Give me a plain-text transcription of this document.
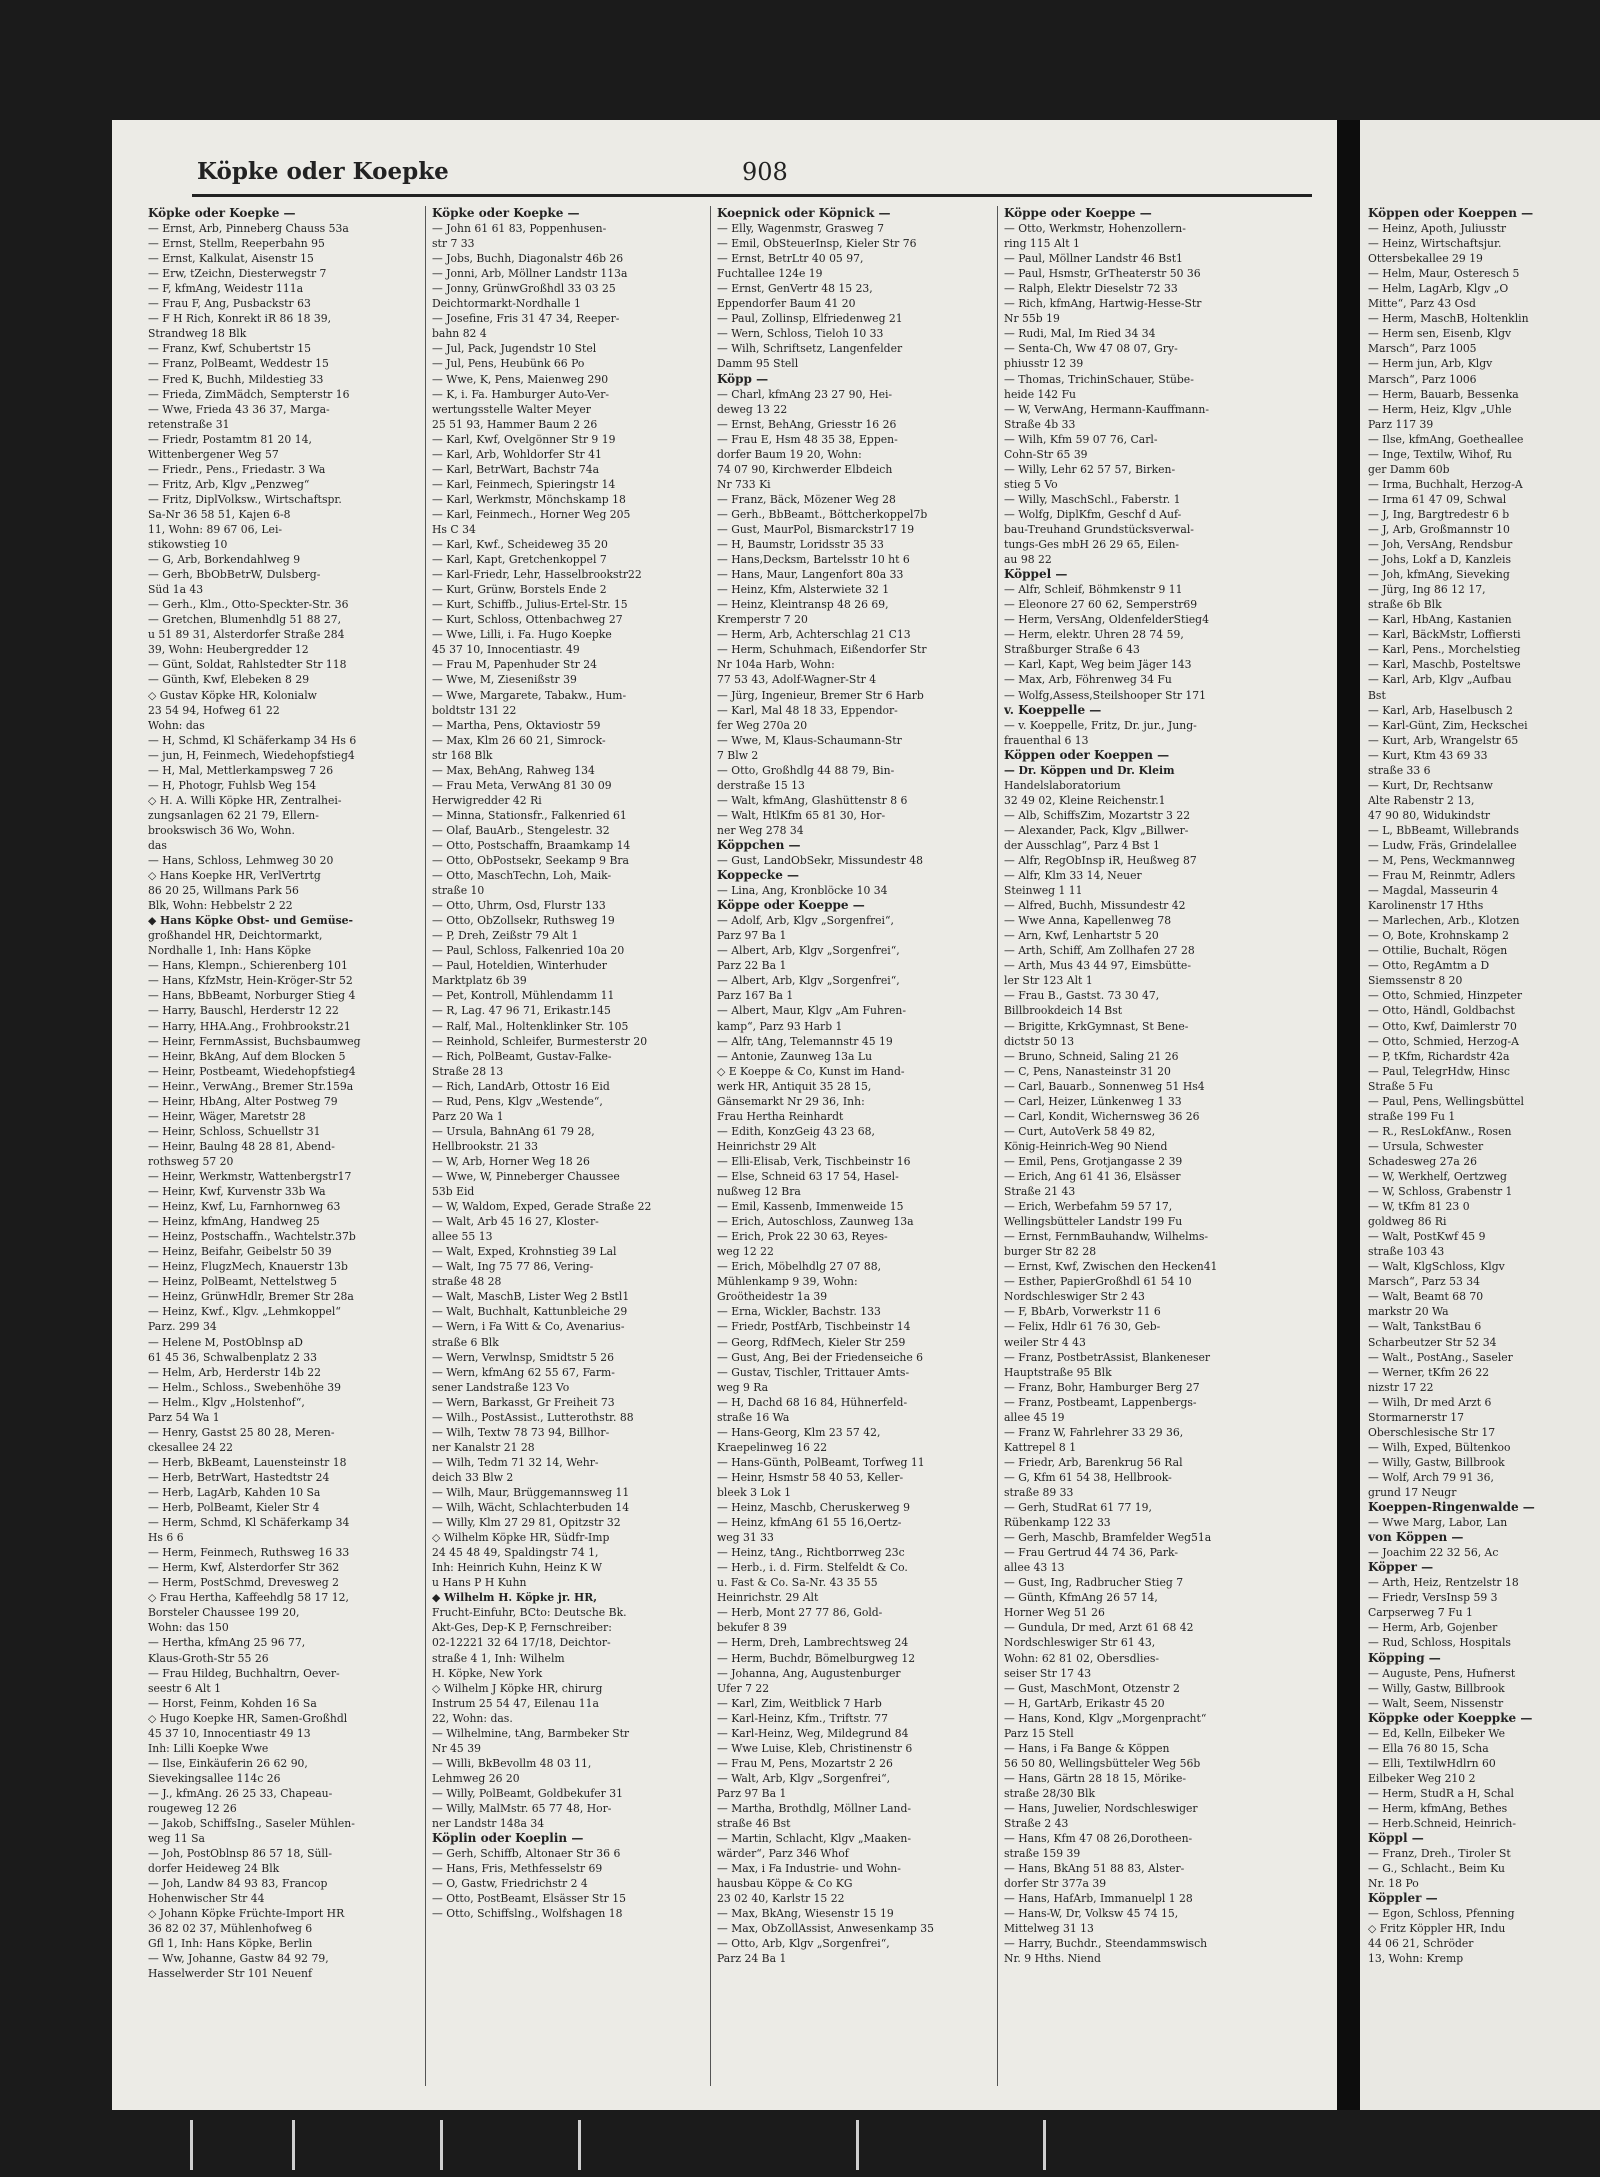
Köpke oder Koepke	908
Köpke oder Koepke —
— Ernst, Arb, Pinneberg Chauss 53a
— Ernst, Stellm, Reeperbahn 95
— Ernst, Kalkulat, Aisenstr 15
— Erw, tZeichn, Diesterwegstr 7
— F, kfmAng, Weidestr 111a
— Frau F, Ang, Pusbackstr 63
— F H Rich, Konrekt iR 86 18 39,
Strandweg 18 Blk
— Franz, Kwf, Schubertstr 15
— Franz, PolBeamt, Weddestr 15
— Fred K, Buchh, Mildestieg 33
— Frieda, ZimMädch, Sempterstr 16
— Wwe, Frieda 43 36 37, Marga-
retenstraße 31
— Friedr, Postamtm 81 20 14,
Wittenbergener Weg 57
— Friedr., Pens., Friedastr. 3 Wa
— Fritz, Arb, Klgv „Penzweg“
— Fritz, DiplVolksw., Wirtschaftspr.
Sa-Nr 36 58 51, Kajen 6-8
11, Wohn: 89 67 06, Lei-
stikowstieg 10
— G, Arb, Borkendahlweg 9
— Gerh, BbObBetrW, Dulsberg-
Süd 1a 43
— Gerh., Klm., Otto-Speckter-Str. 36
— Gretchen, Blumenhdlg 51 88 27,
u 51 89 31, Alsterdorfer Straße 284
39, Wohn: Heubergredder 12
— Günt, Soldat, Rahlstedter Str 118
— Günth, Kwf, Elebeken 8 29
◇ Gustav Köpke HR, Kolonialw
23 54 94, Hofweg 61 22
Wohn: das
— H, Schmd, Kl Schäferkamp 34 Hs 6
— jun, H, Feinmech, Wiedehopfstieg4
— H, Mal, Mettlerkampsweg 7 26
— H, Photogr, Fuhlsb Weg 154
◇ H. A. Willi Köpke HR, Zentralhei-
zungsanlagen 62 21 79, Ellern-
brookswisch 36 Wo, Wohn.
das
— Hans, Schloss, Lehmweg 30 20
◇ Hans Koepke HR, VerlVertrtg
86 20 25, Willmans Park 56
Blk, Wohn: Hebbelstr 2 22
◆ Hans Köpke Obst- und Gemüse-
großhandel HR, Deichtormarkt,
Nordhalle 1, Inh: Hans Köpke
— Hans, Klempn., Schierenberg 101
— Hans, KfzMstr, Hein-Kröger-Str 52
— Hans, BbBeamt, Norburger Stieg 4
— Harry, Bauschl, Herderstr 12 22
— Harry, HHA.Ang., Frohbrookstr.21
— Heinr, FernmAssist, Buchsbaumweg
— Heinr, BkAng, Auf dem Blocken 5
— Heinr, Postbeamt, Wiedehopfstieg4
— Heinr., VerwAng., Bremer Str.159a
— Heinr, HbAng, Alter Postweg 79
— Heinr, Wäger, Maretstr 28
— Heinr, Schloss, Schuellstr 31
— Heinr, Baulng 48 28 81, Abend-
rothsweg 57 20
— Heinr, Werkmstr, Wattenbergstr17
— Heinr, Kwf, Kurvenstr 33b Wa
— Heinz, Kwf, Lu, Farnhornweg 63
— Heinz, kfmAng, Handweg 25
— Heinz, Postschaffn., Wachtelstr.37b
— Heinz, Beifahr, Geibelstr 50 39
— Heinz, FlugzMech, Knauerstr 13b
— Heinz, PolBeamt, Nettelstweg 5
— Heinz, GrünwHdlr, Bremer Str 28a
— Heinz, Kwf., Klgv. „Lehmkoppel“
Parz. 299 34
— Helene M, PostOblnsp aD
61 45 36, Schwalbenplatz 2 33
— Helm, Arb, Herderstr 14b 22
— Helm., Schloss., Swebenhöhe 39
— Helm., Klgv „Holstenhof“,
Parz 54 Wa 1
— Henry, Gastst 25 80 28, Meren-
ckesallee 24 22
— Herb, BkBeamt, Lauensteinstr 18
— Herb, BetrWart, Hastedtstr 24
— Herb, LagArb, Kahden 10 Sa
— Herb, PolBeamt, Kieler Str 4
— Herm, Schmd, Kl Schäferkamp 34
Hs 6 6
— Herm, Feinmech, Ruthsweg 16 33
— Herm, Kwf, Alsterdorfer Str 362
— Herm, PostSchmd, Drevesweg 2
◇ Frau Hertha, Kaffeehdlg 58 17 12,
Borsteler Chaussee 199 20,
Wohn: das 150
— Hertha, kfmAng 25 96 77,
Klaus-Groth-Str 55 26
— Frau Hildeg, Buchhaltrn, Oever-
seestr 6 Alt 1
— Horst, Feinm, Kohden 16 Sa
◇ Hugo Koepke HR, Samen-Großhdl
45 37 10, Innocentiastr 49 13
Inh: Lilli Koepke Wwe
— Ilse, Einkäuferin 26 62 90,
Sievekingsallee 114c 26
— J., kfmAng. 26 25 33, Chapeau-
rougeweg 12 26
— Jakob, SchiffsIng., Saseler Mühlen-
weg 11 Sa
— Joh, PostOblnsp 86 57 18, Süll-
dorfer Heideweg 24 Blk
— Joh, Landw 84 93 83, Francop
Hohenwischer Str 44
◇ Johann Köpke Früchte-Import HR
36 82 02 37, Mühlenhofweg 6
Gfl 1, Inh: Hans Köpke, Berlin
— Ww, Johanne, Gastw 84 92 79,
Hasselwerder Str 101 Neuenf
Köpke oder Koepke —
— John 61 61 83, Poppenhusen-
str 7 33
— Jobs, Buchh, Diagonalstr 46b 26
— Jonni, Arb, Möllner Landstr 113a
— Jonny, GrünwGroßhdl 33 03 25
Deichtormarkt-Nordhalle 1
— Josefine, Fris 31 47 34, Reeper-
bahn 82 4
— Jul, Pack, Jugendstr 10 Stel
— Jul, Pens, Heubünk 66 Po
— Wwe, K, Pens, Maienweg 290
— K, i. Fa. Hamburger Auto-Ver-
wertungsstelle Walter Meyer
25 51 93, Hammer Baum 2 26
— Karl, Kwf, Ovelgönner Str 9 19
— Karl, Arb, Wohldorfer Str 41
— Karl, BetrWart, Bachstr 74a
— Karl, Feinmech, Spieringstr 14
— Karl, Werkmstr, Mönchskamp 18
— Karl, Feinmech., Horner Weg 205
Hs C 34
— Karl, Kwf., Scheideweg 35 20
— Karl, Kapt, Gretchenkoppel 7
— Karl-Friedr, Lehr, Hasselbrookstr22
— Kurt, Grünw, Borstels Ende 2
— Kurt, Schiffb., Julius-Ertel-Str. 15
— Kurt, Schloss, Ottenbachweg 27
— Wwe, Lilli, i. Fa. Hugo Koepke
45 37 10, Innocentiastr. 49
— Frau M, Papenhuder Str 24
— Wwe, M, Ziesenißstr 39
— Wwe, Margarete, Tabakw., Hum-
boldtstr 131 22
— Martha, Pens, Oktaviostr 59
— Max, Klm 26 60 21, Simrock-
str 168 Blk
— Max, BehAng, Rahweg 134
— Frau Meta, VerwAng 81 30 09
Herwigredder 42 Ri
— Minna, Stationsfr., Falkenried 61
— Olaf, BauArb., Stengelestr. 32
— Otto, Postschaffn, Braamkamp 14
— Otto, ObPostsekr, Seekamp 9 Bra
— Otto, MaschTechn, Loh, Maik-
straße 10
— Otto, Uhrm, Osd, Flurstr 133
— Otto, ObZollsekr, Ruthsweg 19
— P, Dreh, Zeißstr 79 Alt 1
— Paul, Schloss, Falkenried 10a 20
— Paul, Hoteldien, Winterhuder
Marktplatz 6b 39
— Pet, Kontroll, Mühlendamm 11
— R, Lag. 47 96 71, Erikastr.145
— Ralf, Mal., Holtenklinker Str. 105
— Reinhold, Schleifer, Burmesterstr 20
— Rich, PolBeamt, Gustav-Falke-
Straße 28 13
— Rich, LandArb, Ottostr 16 Eid
— Rud, Pens, Klgv „Westende“,
Parz 20 Wa 1
— Ursula, BahnAng 61 79 28,
Hellbrookstr. 21 33
— W, Arb, Horner Weg 18 26
— Wwe, W, Pinneberger Chaussee
53b Eid
— W, Waldom, Exped, Gerade Straße 22
— Walt, Arb 45 16 27, Kloster-
allee 55 13
— Walt, Exped, Krohnstieg 39 Lal
— Walt, Ing 75 77 86, Vering-
straße 48 28
— Walt, MaschB, Lister Weg 2 Bstl1
— Walt, Buchhalt, Kattunbleiche 29
— Wern, i Fa Witt & Co, Avenarius-
straße 6 Blk
— Wern, Verwlnsp, Smidtstr 5 26
— Wern, kfmAng 62 55 67, Farm-
sener Landstraße 123 Vo
— Wern, Barkasst, Gr Freiheit 73
— Wilh., PostAssist., Lutterothstr. 88
— Wilh, Textw 78 73 94, Billhor-
ner Kanalstr 21 28
— Wilh, Tedm 71 32 14, Wehr-
deich 33 Blw 2
— Wilh, Maur, Brüggemannsweg 11
— Wilh, Wächt, Schlachterbuden 14
— Willy, Klm 27 29 81, Opitzstr 32
◇ Wilhelm Köpke HR, Südfr-Imp
24 45 48 49, Spaldingstr 74 1,
Inh: Heinrich Kuhn, Heinz K W
u Hans P H Kuhn
◆ Wilhelm H. Köpke jr. HR,
Frucht-Einfuhr, BCto: Deutsche Bk.
Akt-Ges, Dep-K P, Fernschreiber:
02-12221 32 64 17/18, Deichtor-
straße 4 1, Inh: Wilhelm
H. Köpke, New York
◇ Wilhelm J Köpke HR, chirurg
Instrum 25 54 47, Eilenau 11a
22, Wohn: das.
— Wilhelmine, tAng, Barmbeker Str
Nr 45 39
— Willi, BkBevollm 48 03 11,
Lehmweg 26 20
— Willy, PolBeamt, Goldbekufer 31
— Willy, MalMstr. 65 77 48, Hor-
ner Landstr 148a 34
Köplin oder Koeplin —
— Gerh, Schiffb, Altonaer Str 36 6
— Hans, Fris, Methfesselstr 69
— O, Gastw, Friedrichstr 2 4
— Otto, PostBeamt, Elsässer Str 15
— Otto, Schiffslng., Wolfshagen 18
Koepnick oder Köpnick —
— Elly, Wagenmstr, Grasweg 7
— Emil, ObSteuerInsp, Kieler Str 76
— Ernst, BetrLtr 40 05 97,
Fuchtallee 124e 19
— Ernst, GenVertr 48 15 23,
Eppendorfer Baum 41 20
— Paul, Zollinsp, Elfriedenweg 21
— Wern, Schloss, Tieloh 10 33
— Wilh, Schriftsetz, Langenfelder
Damm 95 Stell
Köpp —
— Charl, kfmAng 23 27 90, Hei-
deweg 13 22
— Ernst, BehAng, Griesstr 16 26
— Frau E, Hsm 48 35 38, Eppen-
dorfer Baum 19 20, Wohn:
74 07 90, Kirchwerder Elbdeich
Nr 733 Ki
— Franz, Bäck, Mözener Weg 28
— Gerh., BbBeamt., Böttcherkoppel7b
— Gust, MaurPol, Bismarckstr17 19
— H, Baumstr, Loridsstr 35 33
— Hans,Decksm, Bartelsstr 10 ht 6
— Hans, Maur, Langenfort 80a 33
— Heinz, Kfm, Alsterwiete 32 1
— Heinz, Kleintransp 48 26 69,
Kremperstr 7 20
— Herm, Arb, Achterschlag 21 C13
— Herm, Schuhmach, Eißendorfer Str
Nr 104a Harb, Wohn:
77 53 43, Adolf-Wagner-Str 4
— Jürg, Ingenieur, Bremer Str 6 Harb
— Karl, Mal 48 18 33, Eppendor-
fer Weg 270a 20
— Wwe, M, Klaus-Schaumann-Str
7 Blw 2
— Otto, Großhdlg 44 88 79, Bin-
derstraße 15 13
— Walt, kfmAng, Glashüttenstr 8 6
— Walt, HtlKfm 65 81 30, Hor-
ner Weg 278 34
Köppchen —
— Gust, LandObSekr, Missundestr 48
Koppecke —
— Lina, Ang, Kronblöcke 10 34
Köppe oder Koeppe —
— Adolf, Arb, Klgv „Sorgenfrei“,
Parz 97 Ba 1
— Albert, Arb, Klgv „Sorgenfrei“,
Parz 22 Ba 1
— Albert, Arb, Klgv „Sorgenfrei“,
Parz 167 Ba 1
— Albert, Maur, Klgv „Am Fuhren-
kamp“, Parz 93 Harb 1
— Alfr, tAng, Telemannstr 45 19
— Antonie, Zaunweg 13a Lu
◇ E Koeppe & Co, Kunst im Hand-
werk HR, Antiquit 35 28 15,
Gänsemarkt Nr 29 36, Inh:
Frau Hertha Reinhardt
— Edith, KonzGeig 43 23 68,
Heinrichstr 29 Alt
— Elli-Elisab, Verk, Tischbeinstr 16
— Else, Schneid 63 17 54, Hasel-
nußweg 12 Bra
— Emil, Kassenb, Immenweide 15
— Erich, Autoschloss, Zaunweg 13a
— Erich, Prok 22 30 63, Reyes-
weg 12 22
— Erich, Möbelhdlg 27 07 88,
Mühlenkamp 9 39, Wohn:
Groötheidestr 1a 39
— Erna, Wickler, Bachstr. 133
— Friedr, PostfArb, Tischbeinstr 14
— Georg, RdfMech, Kieler Str 259
— Gust, Ang, Bei der Friedenseiche 6
— Gustav, Tischler, Trittauer Amts-
weg 9 Ra
— H, Dachd 68 16 84, Hühnerfeld-
straße 16 Wa
— Hans-Georg, Klm 23 57 42,
Kraepelinweg 16 22
— Hans-Günth, PolBeamt, Torfweg 11
— Heinr, Hsmstr 58 40 53, Keller-
bleek 3 Lok 1
— Heinz, Maschb, Cheruskerweg 9
— Heinz, kfmAng 61 55 16,Oertz-
weg 31 33
— Heinz, tAng., Richtborrweg 23c
— Herb., i. d. Firm. Stelfeldt & Co.
u. Fast & Co. Sa-Nr. 43 35 55
Heinrichstr. 29 Alt
— Herb, Mont 27 77 86, Gold-
bekufer 8 39
— Herm, Dreh, Lambrechtsweg 24
— Herm, Buchdr, Bömelburgweg 12
— Johanna, Ang, Augustenburger
Ufer 7 22
— Karl, Zim, Weitblick 7 Harb
— Karl-Heinz, Kfm., Triftstr. 77
— Karl-Heinz, Weg, Mildegrund 84
— Wwe Luise, Kleb, Christinenstr 6
— Frau M, Pens, Mozartstr 2 26
— Walt, Arb, Klgv „Sorgenfrei“,
Parz 97 Ba 1
— Martha, Brothdlg, Möllner Land-
straße 46 Bst
— Martin, Schlacht, Klgv „Maaken-
wärder“, Parz 346 Whof
— Max, i Fa Industrie- und Wohn-
hausbau Köppe & Co KG
23 02 40, Karlstr 15 22
— Max, BkAng, Wiesenstr 15 19
— Max, ObZollAssist, Anwesenkamp 35
— Otto, Arb, Klgv „Sorgenfrei“,
Parz 24 Ba 1
Köppe oder Koeppe —
— Otto, Werkmstr, Hohenzollern-
ring 115 Alt 1
— Paul, Möllner Landstr 46 Bst1
— Paul, Hsmstr, GrTheaterstr 50 36
— Ralph, Elektr Dieselstr 72 33
— Rich, kfmAng, Hartwig-Hesse-Str
Nr 55b 19
— Rudi, Mal, Im Ried 34 34
— Senta-Ch, Ww 47 08 07, Gry-
phiusstr 12 39
— Thomas, TrichinSchauer, Stübe-
heide 142 Fu
— W, VerwAng, Hermann-Kauffmann-
Straße 4b 33
— Wilh, Kfm 59 07 76, Carl-
Cohn-Str 65 39
— Willy, Lehr 62 57 57, Birken-
stieg 5 Vo
— Willy, MaschSchl., Faberstr. 1
— Wolfg, DiplKfm, Geschf d Auf-
bau-Treuhand Grundstücksverwal-
tungs-Ges mbH 26 29 65, Eilen-
au 98 22
Köppel —
— Alfr, Schleif, Böhmkenstr 9 11
— Eleonore 27 60 62, Semperstr69
— Herm, VersAng, OldenfelderStieg4
— Herm, elektr. Uhren 28 74 59,
Straßburger Straße 6 43
— Karl, Kapt, Weg beim Jäger 143
— Max, Arb, Föhrenweg 34 Fu
— Wolfg,Assess,Steilshooper Str 171
v. Koeppelle —
— v. Koeppelle, Fritz, Dr. jur., Jung-
frauenthal 6 13
Köppen oder Koeppen —
— Dr. Köppen und Dr. Kleim
Handelslaboratorium
32 49 02, Kleine Reichenstr.1
— Alb, SchiffsZim, Mozartstr 3 22
— Alexander, Pack, Klgv „Billwer-
der Ausschlag“, Parz 4 Bst 1
— Alfr, RegObInsp iR, Heußweg 87
— Alfr, Klm 33 14, Neuer
Steinweg 1 11
— Alfred, Buchh, Missundestr 42
— Wwe Anna, Kapellenweg 78
— Arn, Kwf, Lenhartstr 5 20
— Arth, Schiff, Am Zollhafen 27 28
— Arth, Mus 43 44 97, Eimsbütte-
ler Str 123 Alt 1
— Frau B., Gastst. 73 30 47,
Billbrookdeich 14 Bst
— Brigitte, KrkGymnast, St Bene-
dictstr 50 13
— Bruno, Schneid, Saling 21 26
— C, Pens, Nanasteinstr 31 20
— Carl, Bauarb., Sonnenweg 51 Hs4
— Carl, Heizer, Lünkenweg 1 33
— Carl, Kondit, Wichernsweg 36 26
— Curt, AutoVerk 58 49 82,
König-Heinrich-Weg 90 Niend
— Emil, Pens, Grotjangasse 2 39
— Erich, Ang 61 41 36, Elsässer
Straße 21 43
— Erich, Werbefahm 59 57 17,
Wellingsbütteler Landstr 199 Fu
— Ernst, FernmBauhandw, Wilhelms-
burger Str 82 28
— Ernst, Kwf, Zwischen den Hecken41
— Esther, PapierGroßhdl 61 54 10
Nordschleswiger Str 2 43
— F, BbArb, Vorwerkstr 11 6
— Felix, Hdlr 61 76 30, Geb-
weiler Str 4 43
— Franz, PostbetrAssist, Blankeneser
Hauptstraße 95 Blk
— Franz, Bohr, Hamburger Berg 27
— Franz, Postbeamt, Lappenbergs-
allee 45 19
— Franz W, Fahrlehrer 33 29 36,
Kattrepel 8 1
— Friedr, Arb, Barenkrug 56 Ral
— G, Kfm 61 54 38, Hellbrook-
straße 89 33
— Gerh, StudRat 61 77 19,
Rübenkamp 122 33
— Gerh, Maschb, Bramfelder Weg51a
— Frau Gertrud 44 74 36, Park-
allee 43 13
— Gust, Ing, Radbrucher Stieg 7
— Günth, KfmAng 26 57 14,
Horner Weg 51 26
— Gundula, Dr med, Arzt 61 68 42
Nordschleswiger Str 61 43,
Wohn: 62 81 02, Obersdlies-
seiser Str 17 43
— Gust, MaschMont, Otzenstr 2
— H, GartArb, Erikastr 45 20
— Hans, Kond, Klgv „Morgenpracht“
Parz 15 Stell
— Hans, i Fa Bange & Köppen
56 50 80, Wellingsbütteler Weg 56b
— Hans, Gärtn 28 18 15, Mörike-
straße 28/30 Blk
— Hans, Juwelier, Nordschleswiger
Straße 2 43
— Hans, Kfm 47 08 26,Dorotheen-
straße 159 39
— Hans, BkAng 51 88 83, Alster-
dorfer Str 377a 39
— Hans, HafArb, Immanuelpl 1 28
— Hans-W, Dr, Volksw 45 74 15,
Mittelweg 31 13
— Harry, Buchdr., Steendammswisch
Nr. 9 Hths. Niend
Köppen oder Koeppen —
— Heinz, Apoth, Juliusstr
— Heinz, Wirtschaftsjur.
Ottersbekallee 29 19
— Helm, Maur, Osteresch 5
— Helm, LagArb, Klgv „O
Mitte“, Parz 43 Osd
— Herm, MaschB, Holtenklin
— Herm sen, Eisenb, Klgv
Marsch“, Parz 1005
— Herm jun, Arb, Klgv
Marsch“, Parz 1006
— Herm, Bauarb, Bessenka
— Herm, Heiz, Klgv „Uhle
Parz 117 39
— Ilse, kfmAng, Goetheallee
— Inge, Textilw, Wihof, Ru
ger Damm 60b
— Irma, Buchhalt, Herzog-A
— Irma 61 47 09, Schwal
— J, Ing, Bargtredestr 6 b
— J, Arb, Großmannstr 10
— Joh, VersAng, Rendsbur
— Johs, Lokf a D, Kanzleis
— Joh, kfmAng, Sieveking
— Jürg, Ing 86 12 17,
straße 6b Blk
— Karl, HbAng, Kastanien
— Karl, BäckMstr, Loffiersti
— Karl, Pens., Morchelstieg
— Karl, Maschb, Posteltswe
— Karl, Arb, Klgv „Aufbau
Bst
— Karl, Arb, Haselbusch 2
— Karl-Günt, Zim, Heckschei
— Kurt, Arb, Wrangelstr 65
— Kurt, Ktm 43 69 33
straße 33 6
— Kurt, Dr, Rechtsanw
Alte Rabenstr 2 13,
47 90 80, Widukindstr
— L, BbBeamt, Willebrands
— Ludw, Fräs, Grindelallee
— M, Pens, Weckmannweg
— Frau M, Reinmtr, Adlers
— Magdal, Masseurin 4
Karolinenstr 17 Hths
— Marlechen, Arb., Klotzen
— O, Bote, Krohnskamp 2
— Ottilie, Buchalt, Rögen
— Otto, RegAmtm a D
Siemssenstr 8 20
— Otto, Schmied, Hinzpeter
— Otto, Händl, Goldbachst
— Otto, Kwf, Daimlerstr 70
— Otto, Schmied, Herzog-A
— P, tKfm, Richardstr 42a
— Paul, TelegrHdw, Hinsc
Straße 5 Fu
— Paul, Pens, Wellingsbüttel
straße 199 Fu 1
— R., ResLokfAnw., Rosen
— Ursula, Schwester
Schadesweg 27a 26
— W, Werkhelf, Oertzweg
— W, Schloss, Grabenstr 1
— W, tKfm 81 23 0
goldweg 86 Ri
— Walt, PostKwf 45 9
straße 103 43
— Walt, KlgSchloss, Klgv
Marsch“, Parz 53 34
— Walt, Beamt 68 70
markstr 20 Wa
— Walt, TankstBau 6
Scharbeutzer Str 52 34
— Walt., PostAng., Saseler
— Werner, tKfm 26 22
nizstr 17 22
— Wilh, Dr med Arzt 6
Stormarnerstr 17
Oberschlesische Str 17
— Wilh, Exped, Bültenkoo
— Willy, Gastw, Billbrook
— Wolf, Arch 79 91 36,
grund 17 Neugr
Koeppen-Ringenwalde —
— Wwe Marg, Labor, Lan
von Köppen —
— Joachim 22 32 56, Ac
Köpper —
— Arth, Heiz, Rentzelstr 18
— Friedr, VersInsp 59 3
Carpserweg 7 Fu 1
— Herm, Arb, Gojenber
— Rud, Schloss, Hospitals
Köpping —
— Auguste, Pens, Hufnerst
— Willy, Gastw, Billbrook
— Walt, Seem, Nissenstr
Köppke oder Koeppke —
— Ed, Kelln, Eilbeker We
— Ella 76 80 15, Scha
— Elli, TextilwHdlrn 60
Eilbeker Weg 210 2
— Herm, StudR a H, Schal
— Herm, kfmAng, Bethes
— Herb.Schneid, Heinrich-
Köppl —
— Franz, Dreh., Tiroler St
— G., Schlacht., Beim Ku
Nr. 18 Po
Köppler —
— Egon, Schloss, Pfenning
◇ Fritz Köppler HR, Indu
44 06 21, Schröder
13, Wohn: Kremp
